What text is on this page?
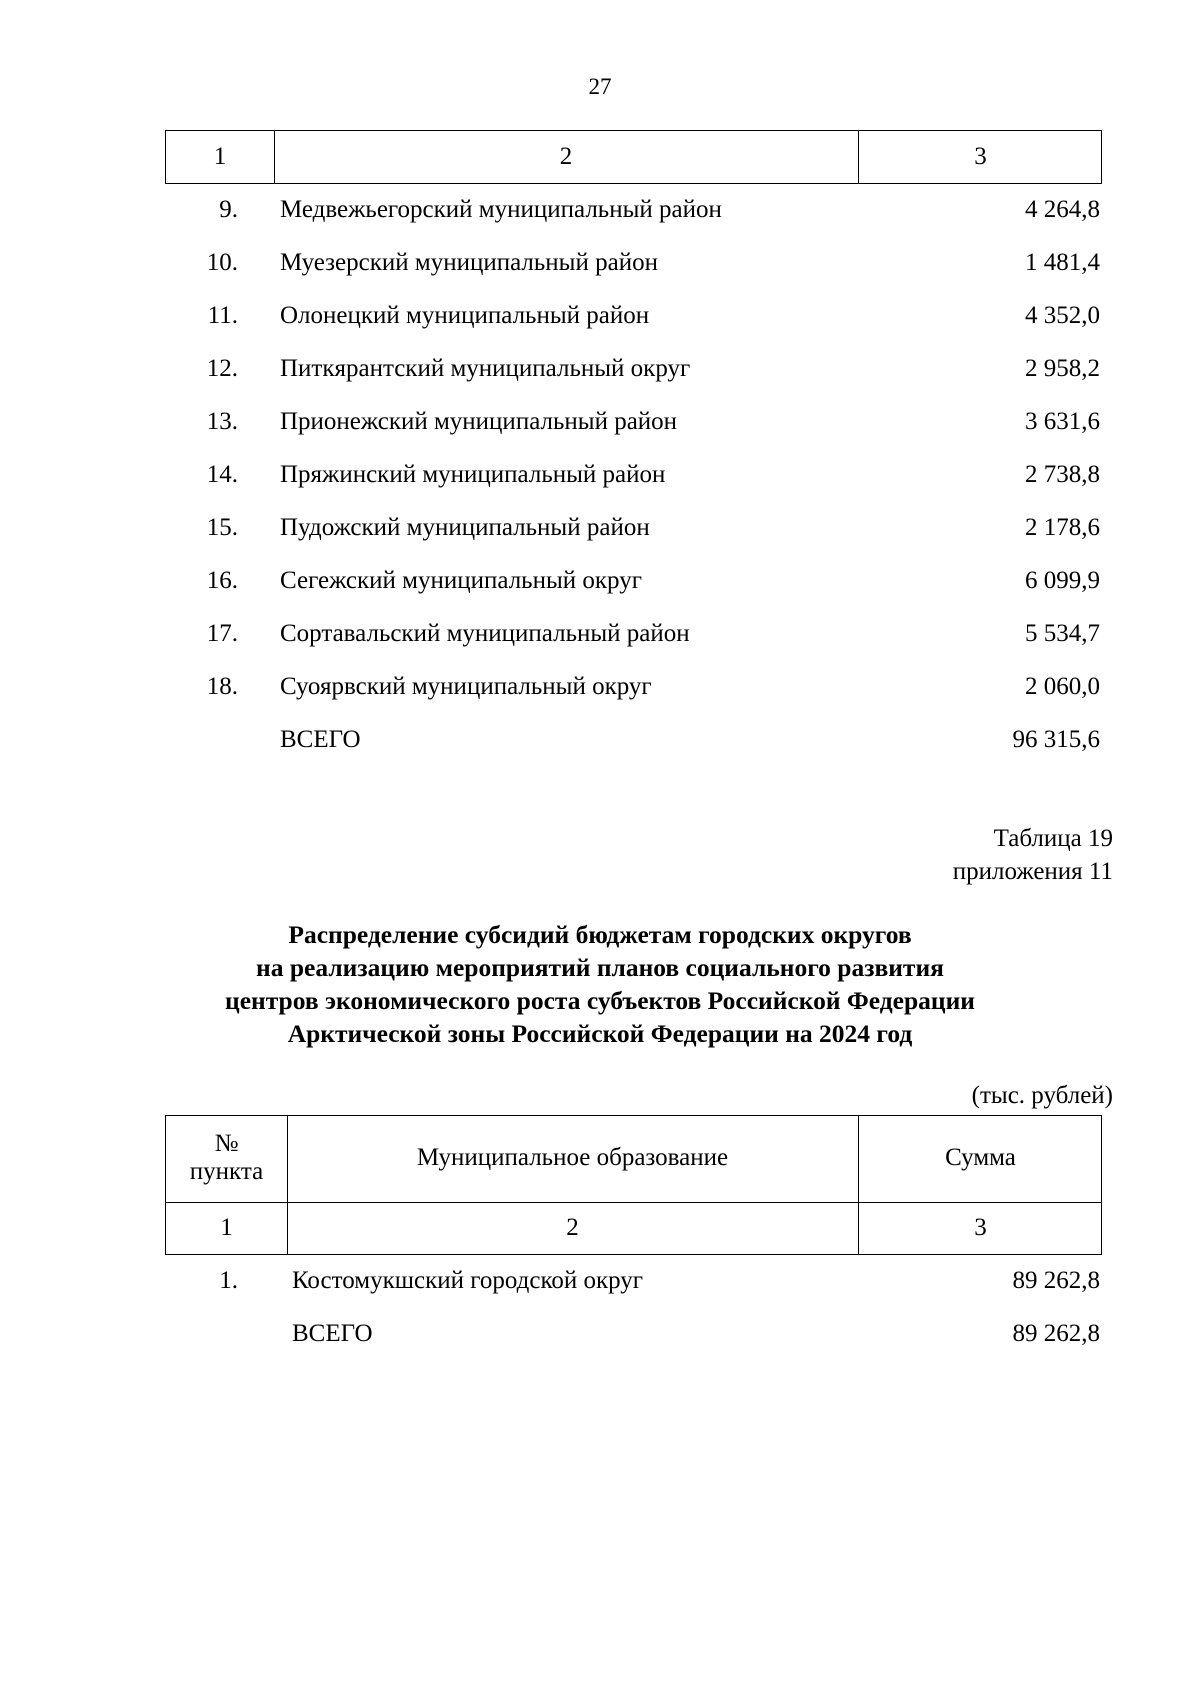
27
1	2	3
9. Медвежьегорский муниципальный район	4 264,8
10. Муезерский муниципальный район	1 481,4
11. Олонецкий муниципальный район	4 352,0
12. Питкярантский муниципальный округ	2 958,2
13. Прионежский муниципальный район	3 631,6
14. Пряжинский муниципальный район	2 738,8
15. Пудожский муниципальный район	2 178,6
16. Сегежский муниципальный округ	6 099,9
17. Сортавальский муниципальный район	5 534,7
18. Суоярвский муниципальный округ	2 060,0
ВСЕГО	96 315,6
Таблица 19
приложения 11
Распределение субсидий бюджетам городских округов
на реализацию мероприятий планов социального развития
центров экономического роста субъектов Российской Федерации
Арктической зоны Российской Федерации на 2024 год
(тыс. рублей)
№
пункта
Муниципальное образование	Сумма
1	2	3
1. Костомукшский городской округ	89 262,8
ВСЕГО	89 262,8
